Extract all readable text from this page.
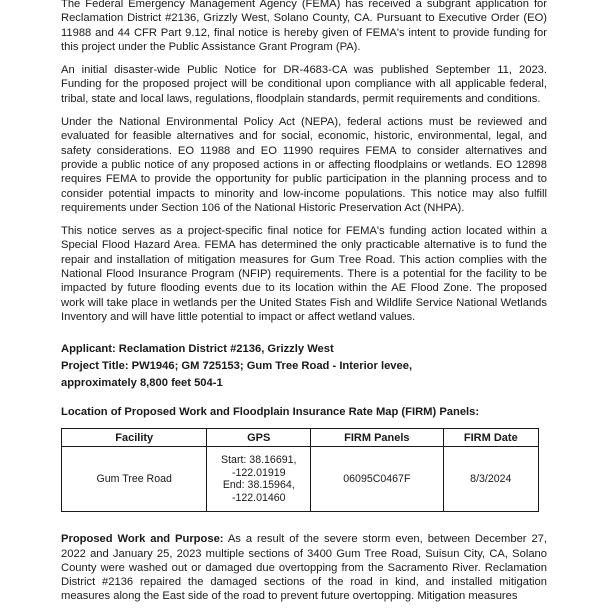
The Federal Emergency Management Agency (FEMA) has received a subgrant application for Reclamation District #2136, Grizzly West, Solano County, CA. Pursuant to Executive Order (EO) 11988 and 44 CFR Part 9.12, final notice is hereby given of FEMA's intent to provide funding for this project under the Public Assistance Grant Program (PA).

An initial disaster-wide Public Notice for DR-4683-CA was published September 11, 2023. Funding for the proposed project will be conditional upon compliance with all applicable federal, tribal, state and local laws, regulations, floodplain standards, permit requirements and conditions.

Under the National Environmental Policy Act (NEPA), federal actions must be reviewed and evaluated for feasible alternatives and for social, economic, historic, environmental, legal, and safety considerations. EO 11988 and EO 11990 requires FEMA to consider alternatives and provide a public notice of any proposed actions in or affecting floodplains or wetlands. EO 12898 requires FEMA to provide the opportunity for public participation in the planning process and to consider potential impacts to minority and low-income populations. This notice may also fulfill requirements under Section 106 of the National Historic Preservation Act (NHPA).

This notice serves as a project-specific final notice for FEMA's funding action located within a Special Flood Hazard Area. FEMA has determined the only practicable alternative is to fund the repair and installation of mitigation measures for Gum Tree Road. This action complies with the National Flood Insurance Program (NFIP) requirements. There is a potential for the facility to be impacted by future flooding events due to its location within the AE Flood Zone. The proposed work will take place in wetlands per the United States Fish and Wildlife Service National Wetlands Inventory and will have little potential to impact or affect wetland values.

Applicant: Reclamation District #2136, Grizzly West
Project Title: PW1946; GM 725153; Gum Tree Road - Interior levee,
approximately 8,800 feet 504-1
Location of Proposed Work and Floodplain Insurance Rate Map (FIRM) Panels:
Facility	GPS	FIRM Panels	FIRM Date
Gum Tree Road	Start: 38.16691,
-122.01919
End: 38.15964,
-122.01460	06095C0467F	8/3/2024

Proposed Work and Purpose: As a result of the severe storm even, between December 27, 2022 and January 25, 2023 multiple sections of 3400 Gum Tree Road, Suisun City, CA, Solano County were washed out or damaged due overtopping from the Sacramento River. Reclamation District #2136 repaired the damaged sections of the road in kind, and installed mitigation measures along the East side of the road to prevent future overtopping. Mitigation measures
